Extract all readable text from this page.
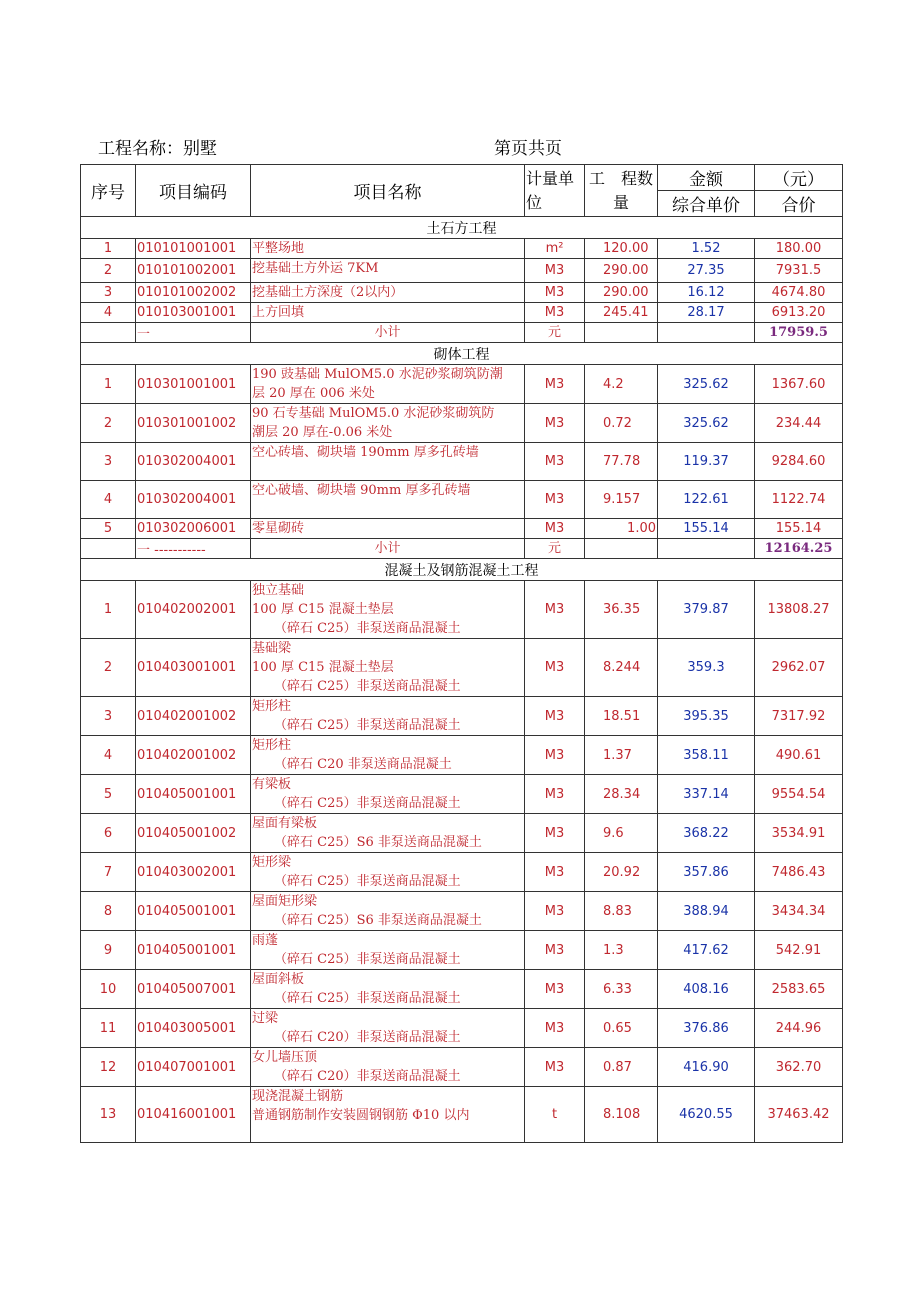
工程名称：别墅	第页共页
序号	项目编码	项目名称	计量单位	工　程数量	金额	（元）
					综合单价	合价
土石方工程						
1	010101001001	平整场地	m²	120.00	1.52	180.00
2	010101002001	挖基础土方外运 7KM	M3	290.00	27.35	7931.5
3	010101002002	挖基础土方深度（2以内）	M3	290.00	16.12	4674.80
4	010103001001	上方回填	M3	245.41	28.17	6913.20
	一	小计	元			17959.5
砌体工程						
1	010301001001	190 豉基础 MulOM5.0 水泥砂浆砌筑防潮
层 20 厚在 006 米处	M3	4.2	325.62	1367.60
2	010301001002	90 石专基础 MulOM5.0 水泥砂浆砌筑防
潮层 20 厚在-0.06 米处	M3	0.72	325.62	234.44
3	010302004001	空心砖墙、砌块墙 190mm 厚多孔砖墙	M3	77.78	119.37	9284.60
4	010302004001	空心破墙、砌块墙 90mm 厚多孔砖墙	M3	9.157	122.61	1122.74
5	010302006001	零星砌砖	M3	1.00	155.14	155.14
	一 -----------	小计	元			12164.25
混凝土及钢筋混凝土工程						
1	010402002001	独立基础
100 厚 C15 混凝土垫层
（碎石 C25）非泵送商品混凝土	M3	36.35	379.87	13808.27
2	010403001001	基础梁
100 厚 C15 混凝土垫层
（碎石 C25）非泵送商品混凝土	M3	8.244	359.3	2962.07
3	010402001002	矩形柱
（碎石 C25）非泵送商品混凝土	M3	18.51	395.35	7317.92
4	010402001002	矩形柱
（碎石 C20 非泵送商品混凝土	M3	1.37	358.11	490.61
5	010405001001	有梁板
（碎石 C25）非泵送商品混凝土	M3	28.34	337.14	9554.54
6	010405001002	屋面有梁板
（碎石 C25）S6 非泵送商品混凝土	M3	9.6	368.22	3534.91
7	010403002001	矩形梁
（碎石 C25）非泵送商品混凝土	M3	20.92	357.86	7486.43
8	010405001001	屋面矩形梁
（碎石 C25）S6 非泵送商品混凝土	M3	8.83	388.94	3434.34
9	010405001001	雨蓬
（碎石 C25）非泵送商品混凝土	M3	1.3	417.62	542.91
10	010405007001	屋面斜板
（碎石 C25）非泵送商品混凝土	M3	6.33	408.16	2583.65
11	010403005001	过梁
（碎石 C20）非泵送商品混凝土	M3	0.65	376.86	244.96
12	010407001001	女儿墙压顶
（碎石 C20）非泵送商品混凝土	M3	0.87	416.90	362.70
13	010416001001	现浇混凝土钢筋
普通钢筋制作安装圆钢钢筋 Φ10 以内	t	8.108	4620.55	37463.42
